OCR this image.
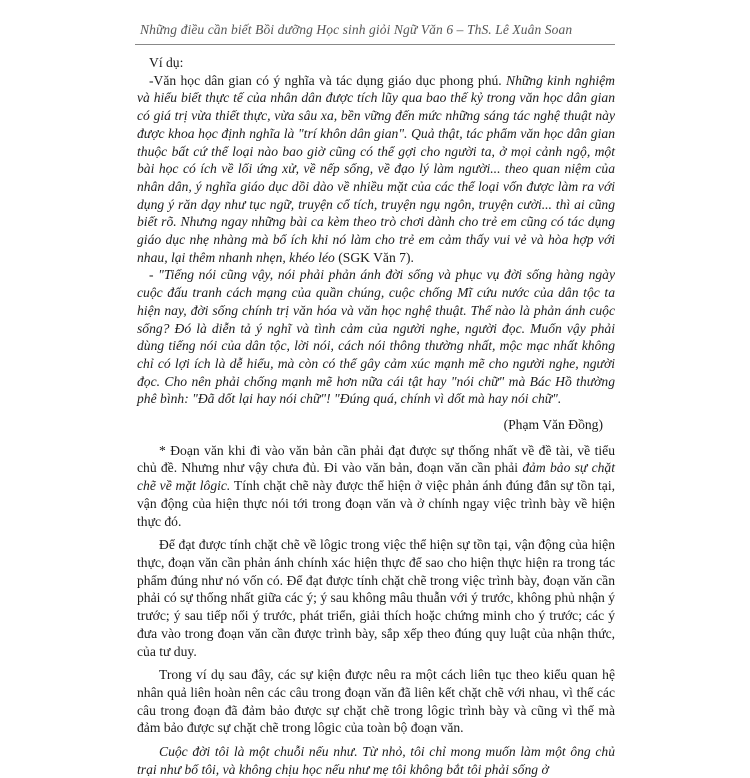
Những điều cần biết Bồi dưỡng Học sinh giỏi Ngữ Văn 6 – ThS. Lê Xuân Soan

Ví dụ:

-Văn học dân gian có ý nghĩa và tác dụng giáo dục phong phú. Những kinh nghiệm và hiểu biết thực tế của nhân dân được tích lũy qua bao thế kỷ trong văn học dân gian có giá trị vừa thiết thực, vừa sâu xa, bền vững đến mức những sáng tác nghệ thuật này được khoa học định nghĩa là "trí khôn dân gian". Quả thật, tác phẩm văn học dân gian thuộc bất cứ thể loại nào bao giờ cũng có thể gợi cho người ta, ở mọi cảnh ngộ, một bài học có ích về lối ứng xử, về nếp sống, về đạo lý làm người... theo quan niệm của nhân dân, ý nghĩa giáo dục dồi dào về nhiều mặt của các thể loại vốn được làm ra với dụng ý răn dạy như tục ngữ, truyện cổ tích, truyện ngụ ngôn, truyện cười... thì ai cũng biết rõ. Nhưng ngay những bài ca kèm theo trò chơi dành cho trẻ em cũng có tác dụng giáo dục nhẹ nhàng mà bổ ích khi nó làm cho trẻ em cảm thấy vui vẻ và hòa hợp với nhau, lại thêm nhanh nhẹn, khéo léo (SGK Văn 7).

- "Tiếng nói cũng vậy, nói phải phản ánh đời sống và phục vụ đời sống hàng ngày cuộc đấu tranh cách mạng của quần chúng, cuộc chống Mĩ cứu nước của dân tộc ta hiện nay, đời sống chính trị văn hóa và văn học nghệ thuật. Thế nào là phản ánh cuộc sống? Đó là diễn tả ý nghĩ và tình cảm của người nghe, người đọc. Muốn vậy phải dùng tiếng nói của dân tộc, lời nói, cách nói thông thường nhất, mộc mạc nhất không chỉ có lợi ích là dễ hiểu, mà còn có thể gây cảm xúc mạnh mẽ cho người nghe, người đọc. Cho nên phải chống mạnh mẽ hơn nữa cái tật hay "nói chữ" mà Bác Hồ thường phê bình: "Đã dốt lại hay nói chữ"! "Đúng quá, chính vì dốt mà hay nói chữ".

(Phạm Văn Đồng)

* Đoạn văn khi đi vào văn bản cần phải đạt được sự thống nhất về đề tài, về tiểu chủ đề. Nhưng như vậy chưa đủ. Đi vào văn bản, đoạn văn cần phải đảm bảo sự chặt chẽ về mặt lôgic. Tính chặt chẽ này được thể hiện ở việc phản ánh đúng đắn sự tồn tại, vận động của hiện thực nói tới trong đoạn văn và ở chính ngay việc trình bày về hiện thực đó.

Để đạt được tính chặt chẽ về lôgic trong việc thể hiện sự tồn tại, vận động của hiện thực, đoạn văn cần phản ánh chính xác hiện thực để sao cho hiện thực hiện ra trong tác phẩm đúng như nó vốn có. Để đạt được tính chặt chẽ trong việc trình bày, đoạn văn cần phải có sự thống nhất giữa các ý; ý sau không mâu thuẫn với ý trước, không phủ nhận ý trước; ý sau tiếp nối ý trước, phát triển, giải thích hoặc chứng minh cho ý trước; các ý đưa vào trong đoạn văn cần được trình bày, sắp xếp theo đúng quy luật của nhận thức, của tư duy.

Trong ví dụ sau đây, các sự kiện được nêu ra một cách liên tục theo kiểu quan hệ nhân quả liên hoàn nên các câu trong đoạn văn đã liên kết chặt chẽ với nhau, vì thế các câu trong đoạn đã đảm bảo được sự chặt chẽ trong lôgic trình bày và cũng vì thế mà đảm bảo được sự chặt chẽ trong lôgic của toàn bộ đoạn văn.

Cuộc đời tôi là một chuỗi nếu như. Từ nhỏ, tôi chỉ mong muốn làm một ông chủ trại như bố tôi, và không chịu học nếu như mẹ tôi không bắt tôi phải sống ở
